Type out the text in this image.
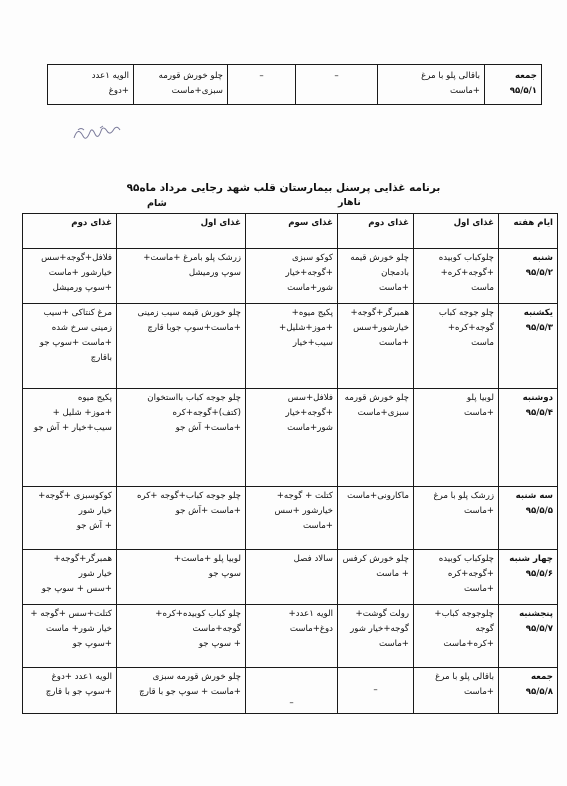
جمعه
۹۵/۵/۱	باقالی پلو با مرغ
+ماست	–	–	چلو خورش قورمه
سبزی+ماست	الویه ۱عدد
+دوغ
برنامه غذایی پرسنل بیمارستان قلب شهد رجایی مرداد ماه۹۵
ناهار
شام
ایام هفته	غذای اول	غذای دوم	غذای سوم	غذای اول	غذای دوم
شنبه
۹۵/۵/۲	چلوکباب کوبیده
+گوجه+کره+
ماست	چلو خورش قیمه
بادمجان
+ماست	کوکو سبزی
+گوجه+خیار
شور+ماست	زرشک پلو بامرغ +ماست+
سوپ ورمیشل	فلافل+گوجه+سس
خیارشور +ماست
+سوپ ورمیشل
یکشنبه
۹۵/۵/۳	چلو جوجه کباب
گوجه+کره+
ماست	همبرگر+گوجه+
خیارشور+سس
+ماست	پکیج میوه+
+موز+شلیل+
سیب+خیار	چلو خورش قیمه سیب زمینی
+ماست+سوپ جوبا قارچ	مرغ کنتاکی +سیب
زمینی سرخ شده
+ماست +سوپ جو
باقارچ
دوشنبه
۹۵/۵/۴	لوبیا پلو
+ماست	چلو خورش قورمه
سبزی+ماست	فلافل+سس
+گوجه+خیار
شور+ماست	چلو جوجه کباب بااستخوان
(کتف)+گوجه+کره
+ماست+ آش جو	پکیج میوه
+موز+ شلیل +
سیب+خیار + آش جو
سه شنبه
۹۵/۵/۵	زرشک پلو با مرغ
+ماست	ماکارونی+ماست	کتلت + گوجه+
خیارشور +سس
+ماست	چلو جوجه کباب+گوجه +کره
+ماست +آش جو	کوکوسبزی +گوجه+
خیار شور
+ آش جو
چهار شنبه
۹۵/۵/۶	چلوکباب کوبیده
+گوجه+کره
+ماست	چلو خورش کرفس
+ ماست	سالاد فصل	لوبیا پلو +ماست+
سوپ جو	همبرگر+گوجه+
خیار شور
+سس + سوپ جو
پنجشنبه
۹۵/۵/۷	چلوجوجه کباب+
گوجه
+کره+ماست	رولت گوشت+
گوجه+خیار شور
+ماست	الویه ۱عدد+
دوغ+ماست	چلو کباب کوبیده+کره+
گوجه+ماست
+ سوپ جو	کتلت+سس +گوجه +
خیار شور+ ماست
+سوپ جو
جمعه
۹۵/۵/۸	باقالی پلو با مرغ
+ماست	–	–	چلو خورش قورمه سبزی
+ماست + سوپ جو با قارچ	الویه ۱عدد +دوغ
+سوپ جو با قارچ
